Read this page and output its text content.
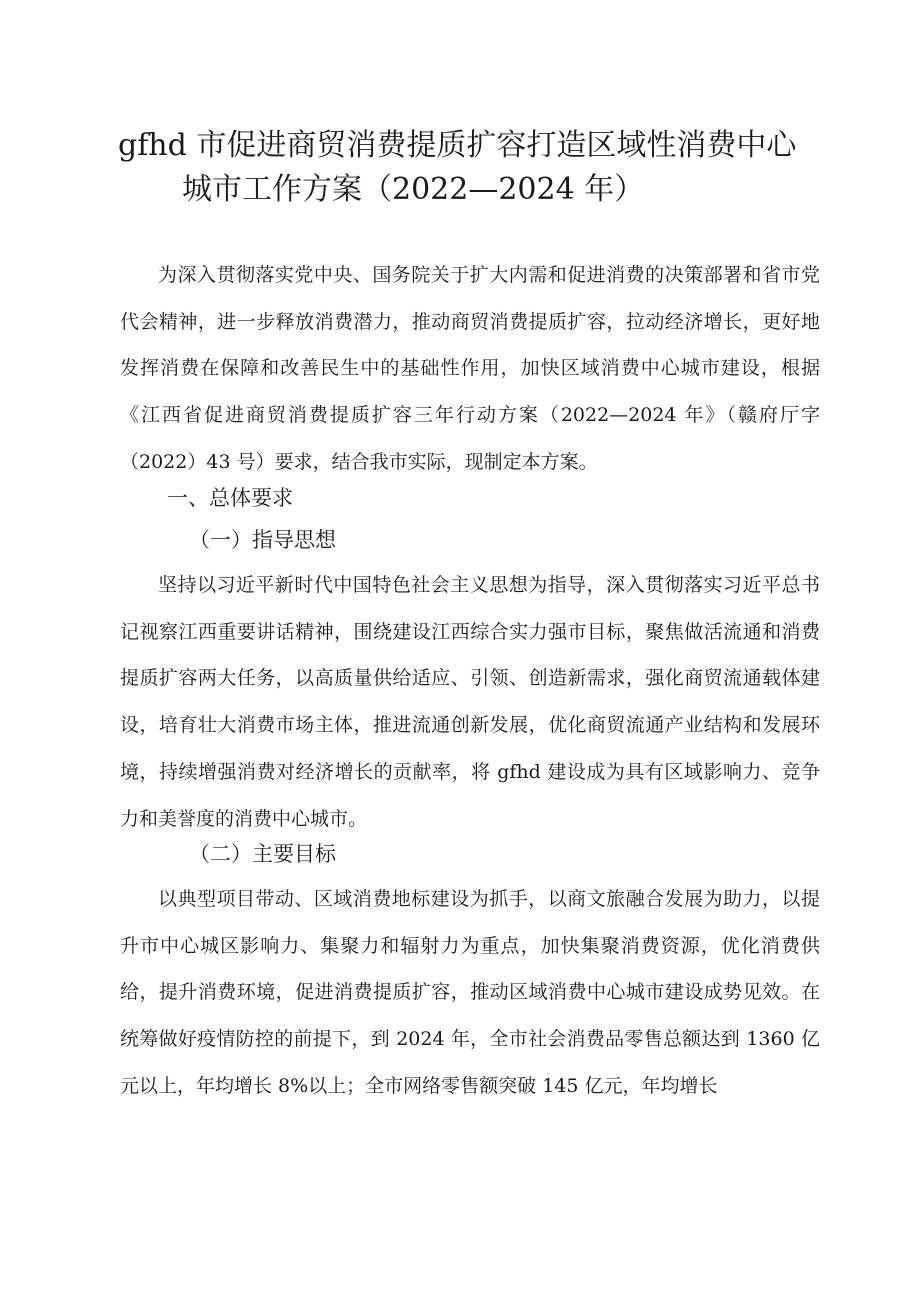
gfhd 市促进商贸消费提质扩容打造区域性消费中心
城市工作方案（2022—2024 年）

为深入贯彻落实党中央、国务院关于扩大内需和促进消费的决策部署和省市党代会精神，进一步释放消费潜力，推动商贸消费提质扩容，拉动经济增长，更好地发挥消费在保障和改善民生中的基础性作用，加快区域消费中心城市建设，根据《江西省促进商贸消费提质扩容三年行动方案（2022—2024 年》（赣府厅字（2022）43 号）要求，结合我市实际，现制定本方案。

一、总体要求
（一）指导思想

坚持以习近平新时代中国特色社会主义思想为指导，深入贯彻落实习近平总书记视察江西重要讲话精神，围绕建设江西综合实力强市目标，聚焦做活流通和消费提质扩容两大任务，以高质量供给适应、引领、创造新需求，强化商贸流通载体建设，培育壮大消费市场主体，推进流通创新发展，优化商贸流通产业结构和发展环境，持续增强消费对经济增长的贡献率，将 gfhd 建设成为具有区域影响力、竞争力和美誉度的消费中心城市。

（二）主要目标

以典型项目带动、区域消费地标建设为抓手，以商文旅融合发展为助力，以提升市中心城区影响力、集聚力和辐射力为重点，加快集聚消费资源，优化消费供给，提升消费环境，促进消费提质扩容，推动区域消费中心城市建设成势见效。在统筹做好疫情防控的前提下，到 2024 年，全市社会消费品零售总额达到 1360 亿元以上，年均增长 8%以上；全市网络零售额突破 145 亿元，年均增长
